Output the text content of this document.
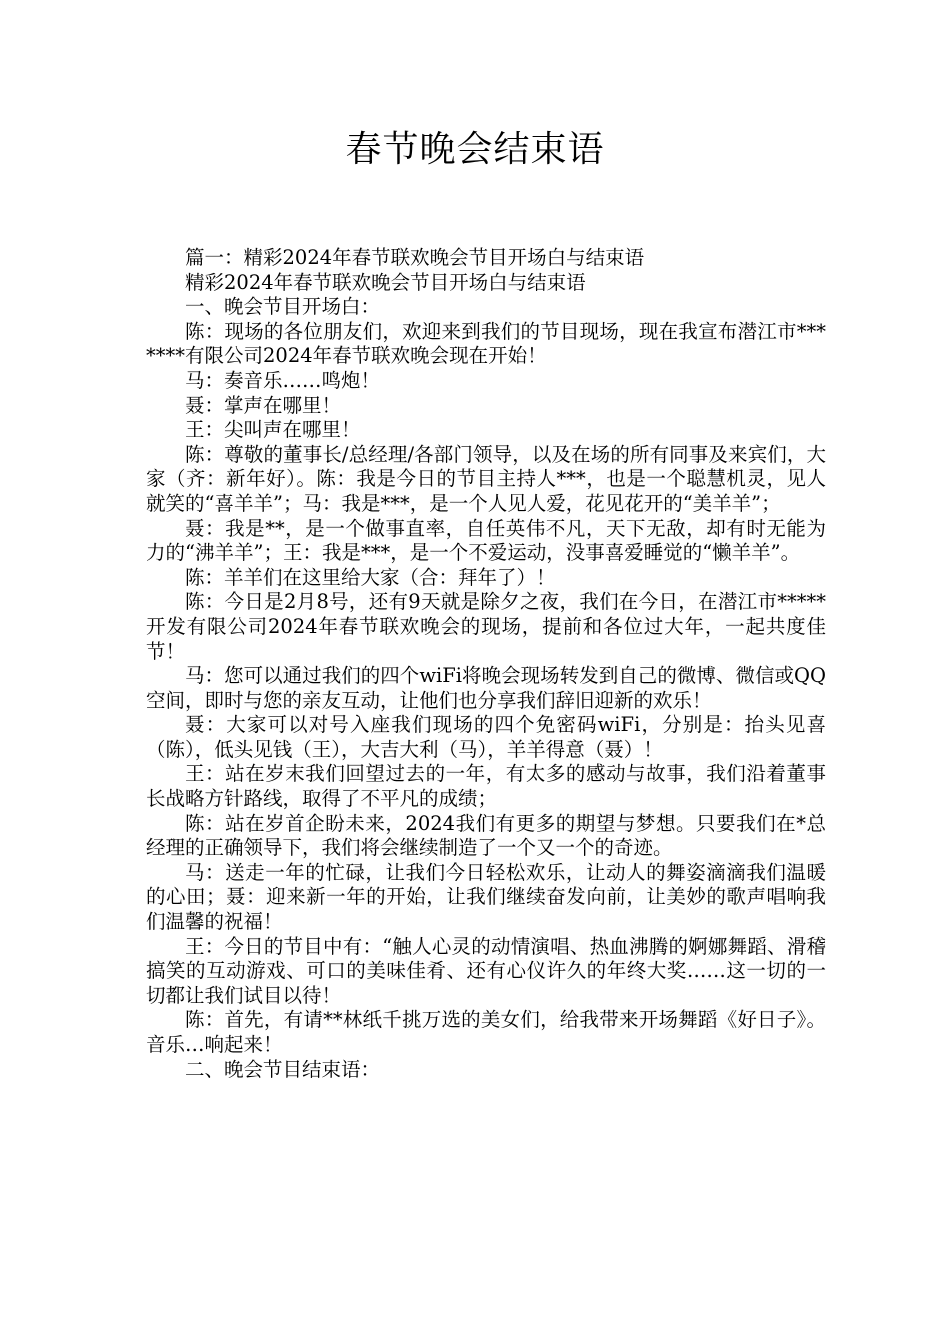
春节晚会结束语

篇一：精彩2024年春节联欢晚会节目开场白与结束语

精彩2024年春节联欢晚会节目开场白与结束语

一、晚会节目开场白：

陈：现场的各位朋友们，欢迎来到我们的节目现场，现在我宣布潜江市*******有限公司2024年春节联欢晚会现在开始！

马：奏音乐……鸣炮！

聂：掌声在哪里！

王：尖叫声在哪里！

陈：尊敬的董事长/总经理/各部门领导，以及在场的所有同事及来宾们，大家（齐：新年好）。陈：我是今日的节目主持人***，也是一个聪慧机灵，见人就笑的“喜羊羊”；马：我是***，是一个人见人爱，花见花开的“美羊羊”；

聂：我是**，是一个做事直率，自任英伟不凡，天下无敌，却有时无能为力的“沸羊羊”；王：我是***，是一个不爱运动，没事喜爱睡觉的“懒羊羊”。

陈：羊羊们在这里给大家（合：拜年了）！

陈：今日是2月8号，还有9天就是除夕之夜，我们在今日，在潜江市*****开发有限公司2024年春节联欢晚会的现场，提前和各位过大年，一起共度佳节！

马：您可以通过我们的四个wiFi将晚会现场转发到自己的微博、微信或QQ空间，即时与您的亲友互动，让他们也分享我们辞旧迎新的欢乐！

聂：大家可以对号入座我们现场的四个免密码wiFi，分别是：抬头见喜（陈），低头见钱（王），大吉大利（马），羊羊得意（聂）！

王：站在岁末我们回望过去的一年，有太多的感动与故事，我们沿着董事长战略方针路线，取得了不平凡的成绩；

陈：站在岁首企盼未来，2024我们有更多的期望与梦想。只要我们在*总经理的正确领导下，我们将会继续制造了一个又一个的奇迹。

马：送走一年的忙碌，让我们今日轻松欢乐，让动人的舞姿滴滴我们温暖的心田；聂：迎来新一年的开始，让我们继续奋发向前，让美妙的歌声唱响我们温馨的祝福！

王：今日的节目中有：“触人心灵的动情演唱、热血沸腾的婀娜舞蹈、滑稽搞笑的互动游戏、可口的美味佳肴、还有心仪许久的年终大奖……这一切的一切都让我们试目以待！

陈：首先，有请**林纸千挑万选的美女们，给我带来开场舞蹈《好日子》。音乐…响起来！

二、晚会节目结束语：
